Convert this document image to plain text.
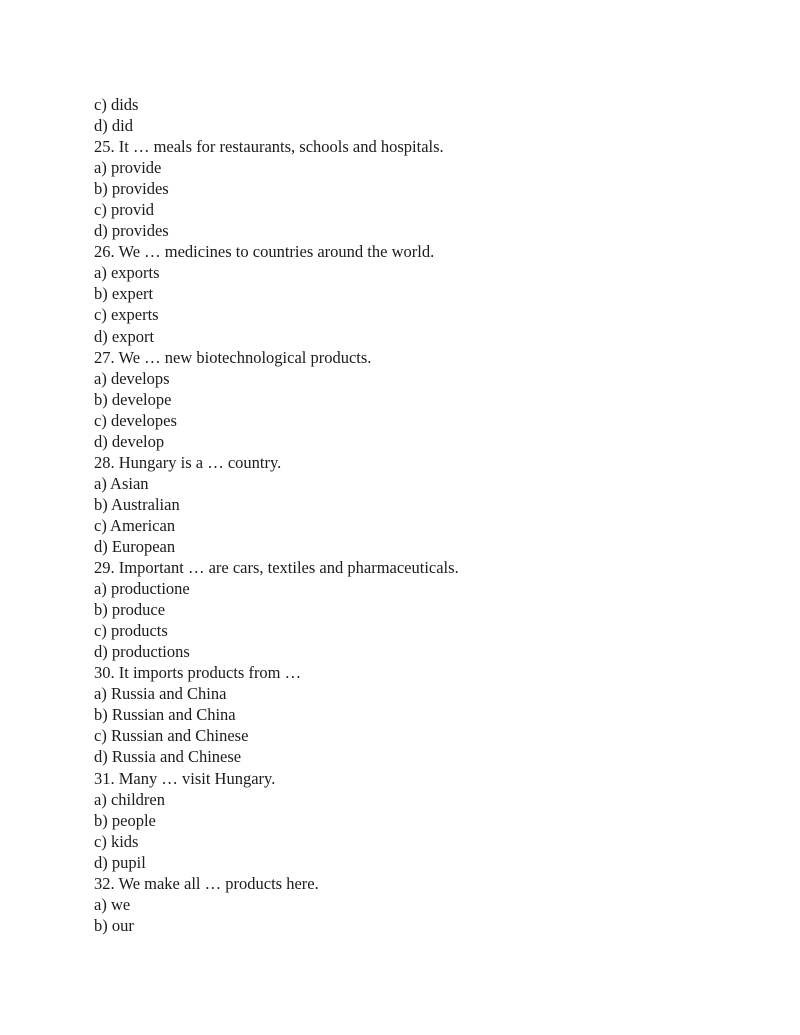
c) dids
d) did
25. It … meals for restaurants, schools and hospitals.
a) provide
b) provides
c) provid
d) provides
26. We … medicines to countries around the world.
a) exports
b) expert
c) experts
d) export
27. We … new biotechnological products.
a) develops
b) develope
c) developes
d) develop
28. Hungary is a … country.
a) Asian
b) Australian
c) American
d) European
29. Important … are cars, textiles and pharmaceuticals.
a) productione
b) produce
c) products
d) productions
30. It imports products from …
a) Russia and China
b) Russian and China
c) Russian and Chinese
d) Russia and Chinese
31. Many … visit Hungary.
a) children
b) people
c) kids
d) pupil
32. We make all … products here.
a) we
b) our
